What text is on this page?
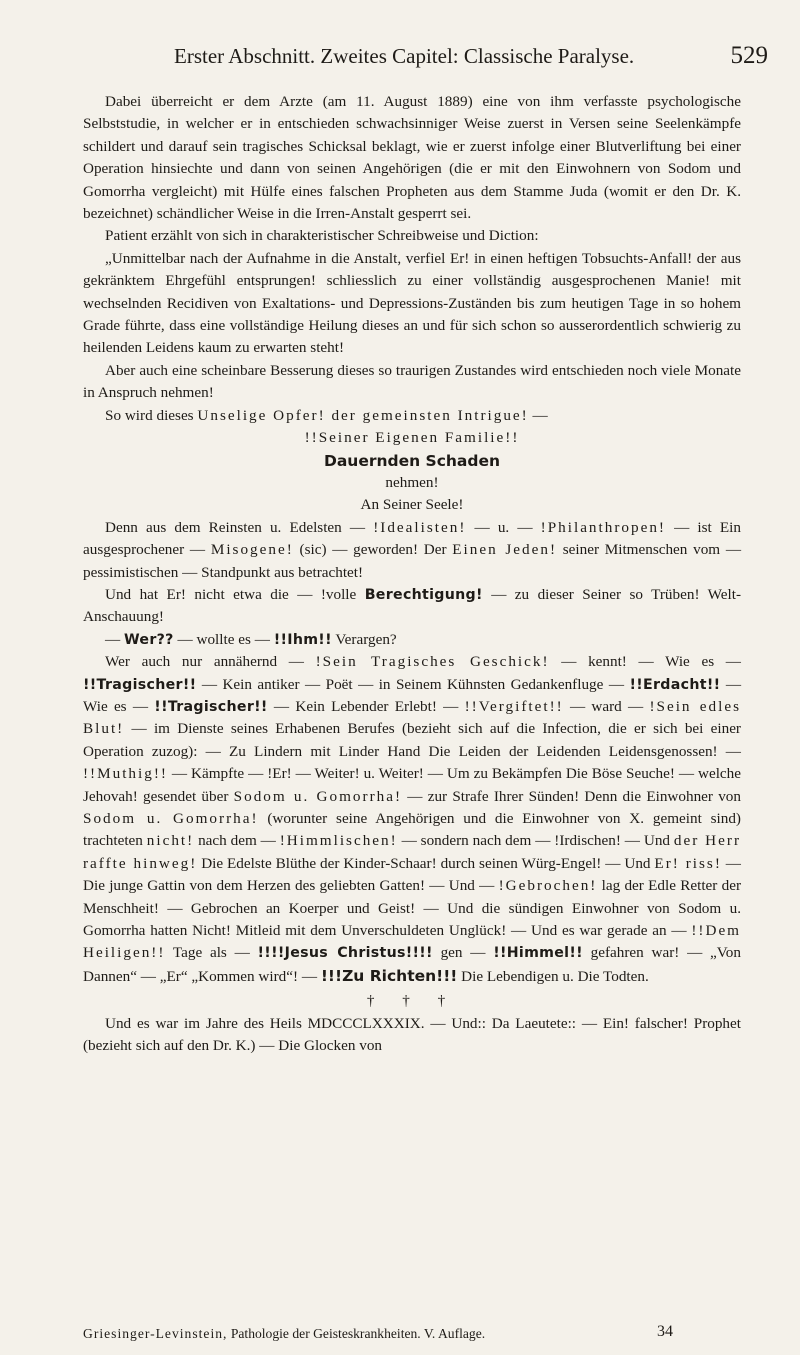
Erster Abschnitt. Zweites Capitel: Classische Paralyse.	529

Dabei überreicht er dem Arzte (am 11. August 1889) eine von ihm verfasste psychologische Selbststudie, in welcher er in entschieden schwachsinniger Weise zuerst in Versen seine Seelenkämpfe schildert und darauf sein tragisches Schicksal beklagt, wie er zuerst infolge einer Blutverliftung bei einer Operation hinsiechte und dann von seinen Angehörigen (die er mit den Einwohnern von Sodom und Gomorrha vergleicht) mit Hülfe eines falschen Propheten aus dem Stamme Juda (womit er den Dr. K. bezeichnet) schändlicher Weise in die Irren-Anstalt gesperrt sei.

Patient erzählt von sich in charakteristischer Schreibweise und Diction:

„Unmittelbar nach der Aufnahme in die Anstalt, verfiel Er! in einen heftigen Tobsuchts-Anfall! der aus gekränktem Ehrgefühl entsprungen! schliesslich zu einer vollständig ausgesprochenen Manie! mit wechselnden Recidiven von Exaltations- und Depressions-Zuständen bis zum heutigen Tage in so hohem Grade führte, dass eine vollständige Heilung dieses an und für sich schon so ausserordentlich schwierig zu heilenden Leidens kaum zu erwarten steht!

Aber auch eine scheinbare Besserung dieses so traurigen Zustandes wird entschieden noch viele Monate in Anspruch nehmen!

So wird dieses Unselige Opfer! der gemeinsten Intrigue! —

!!Seiner Eigenen Familie!!

Dauernden Schaden

nehmen!

An Seiner Seele!

Denn aus dem Reinsten u. Edelsten — !Idealisten! — u. — !Philanthropen! — ist Ein ausgesprochener — Misogene! (sic) — geworden! Der Einen Jeden! seiner Mitmenschen vom — pessimistischen — Standpunkt aus betrachtet!

Und hat Er! nicht etwa die — !volle Berechtigung! — zu dieser Seiner so Trüben! Welt-Anschauung!

— Wer?? — wollte es — !!Ihm!! Verargen?

Wer auch nur annähernd — !Sein Tragisches Geschick! — kennt! — Wie es — !!Tragischer!! — Kein antiker — Poët — in Seinem Kühnsten Gedankenfluge — !!Erdacht!! — Wie es — !!Tragischer!! — Kein Lebender Erlebt! — !!Vergiftet!! — ward — !Sein edles Blut! — im Dienste seines Erhabenen Berufes (bezieht sich auf die Infection, die er sich bei einer Operation zuzog): — Zu Lindern mit Linder Hand Die Leiden der Leidenden Leidensgenossen! — !!Muthig!! — Kämpfte — !Er! — Weiter! u. Weiter! — Um zu Bekämpfen Die Böse Seuche! — welche Jehovah! gesendet über Sodom u. Gomorrha! — zur Strafe Ihrer Sünden! Denn die Einwohner von Sodom u. Gomorrha! (worunter seine Angehörigen und die Einwohner von X. gemeint sind) trachteten nicht! nach dem — !Himmlischen! — sondern nach dem — !Irdischen! — Und der Herr raffte hinweg! Die Edelste Blüthe der Kinder-Schaar! durch seinen Würg-Engel! — Und Er! riss! — Die junge Gattin von dem Herzen des geliebten Gatten! — Und — !Gebrochen! lag der Edle Retter der Menschheit! — Gebrochen an Koerper und Geist! — Und die sündigen Einwohner von Sodom u. Gomorrha hatten Nicht! Mitleid mit dem Unverschuldeten Unglück! — Und es war gerade an — !!Dem Heiligen!! Tage als — !!!!Jesus Christus!!!! gen — !!Himmel!! gefahren war! — „Von Dannen“ — „Er“ „Kommen wird“! — !!!Zu Richten!!! Die Lebendigen u. Die Todten.

† † †

Und es war im Jahre des Heils MDCCCLXXXIX. — Und:: Da Laeutete:: — Ein! falscher! Prophet (bezieht sich auf den Dr. K.) — Die Glocken von

Griesinger-Levinstein, Pathologie der Geisteskrankheiten. V. Auflage.	34
